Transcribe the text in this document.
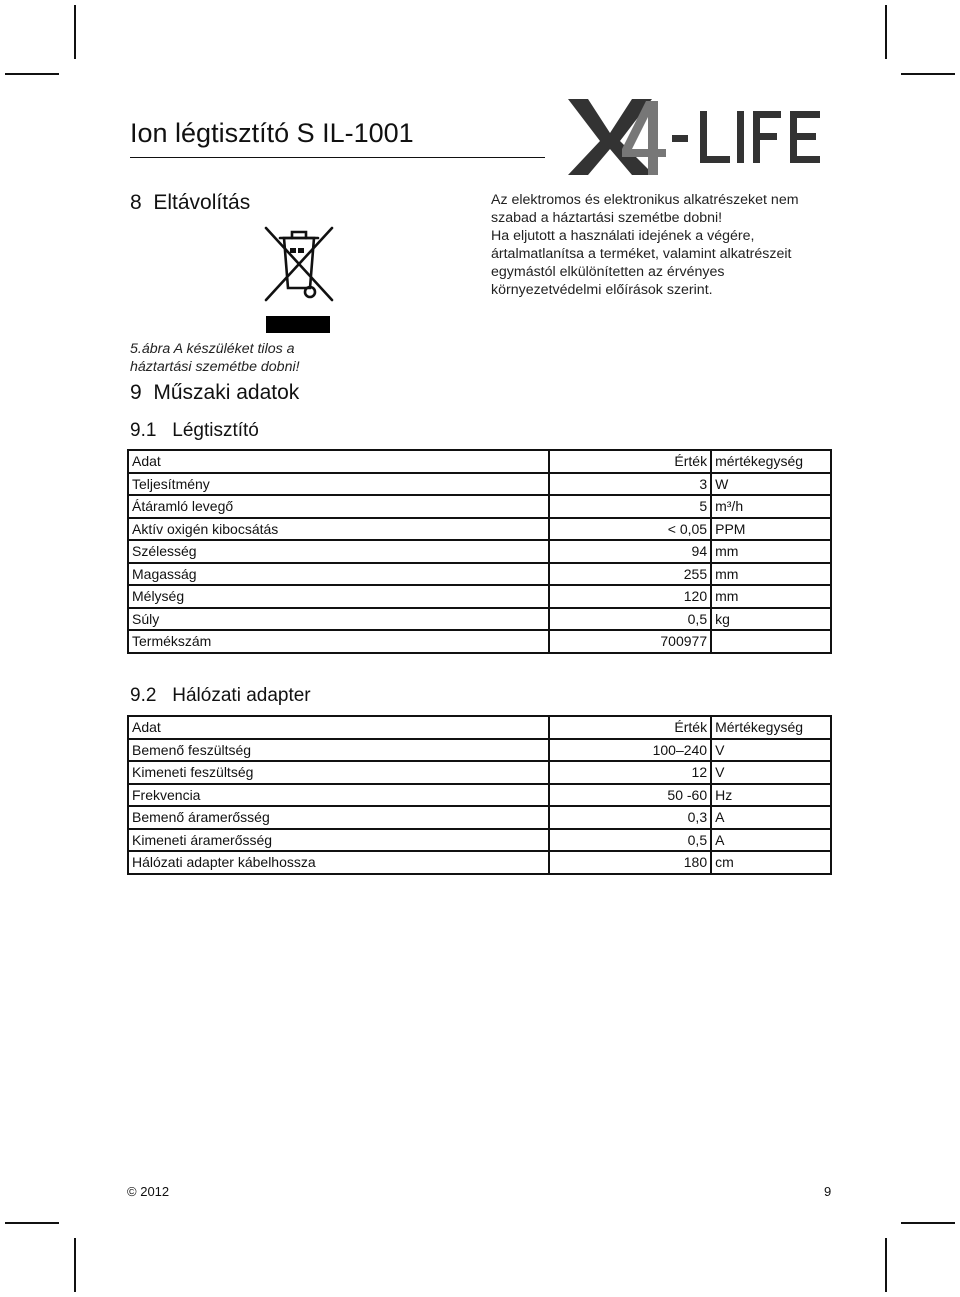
Ion légtisztító S IL-1001
8 Eltávolítás	Az elektromos és elektronikus alkatrészeket nem szabad a háztartási szemétbe dobni!

Ha eljutott a használati idejének a végére, ártalmatlanítsa a terméket, valamint alkatrészeit egymástól elkülönítetten az érvényes környezetvédelmi előírások szerint.

5.ábra A készüléket tilos a
háztartási szemétbe dobni!
9 Műszaki adatok
9.1 Légtisztító
Adat	Érték	mértékegység
Teljesítmény	3	W
Átáramló levegő	5	m³/h
Aktív oxigén kibocsátás	< 0,05	PPM
Szélesség	94	mm
Magasság	255	mm
Mélység	120	mm
Súly	0,5	kg
Termékszám	700977	
9.2 Hálózati adapter
Adat	Érték	Mértékegység
Bemenő feszültség	100–240	V
Kimeneti feszültség	12	V
Frekvencia	50 -60	Hz
Bemenő áramerősség	0,3	A
Kimeneti áramerősség	0,5	A
Hálózati adapter kábelhossza	180	cm
© 2012	9
